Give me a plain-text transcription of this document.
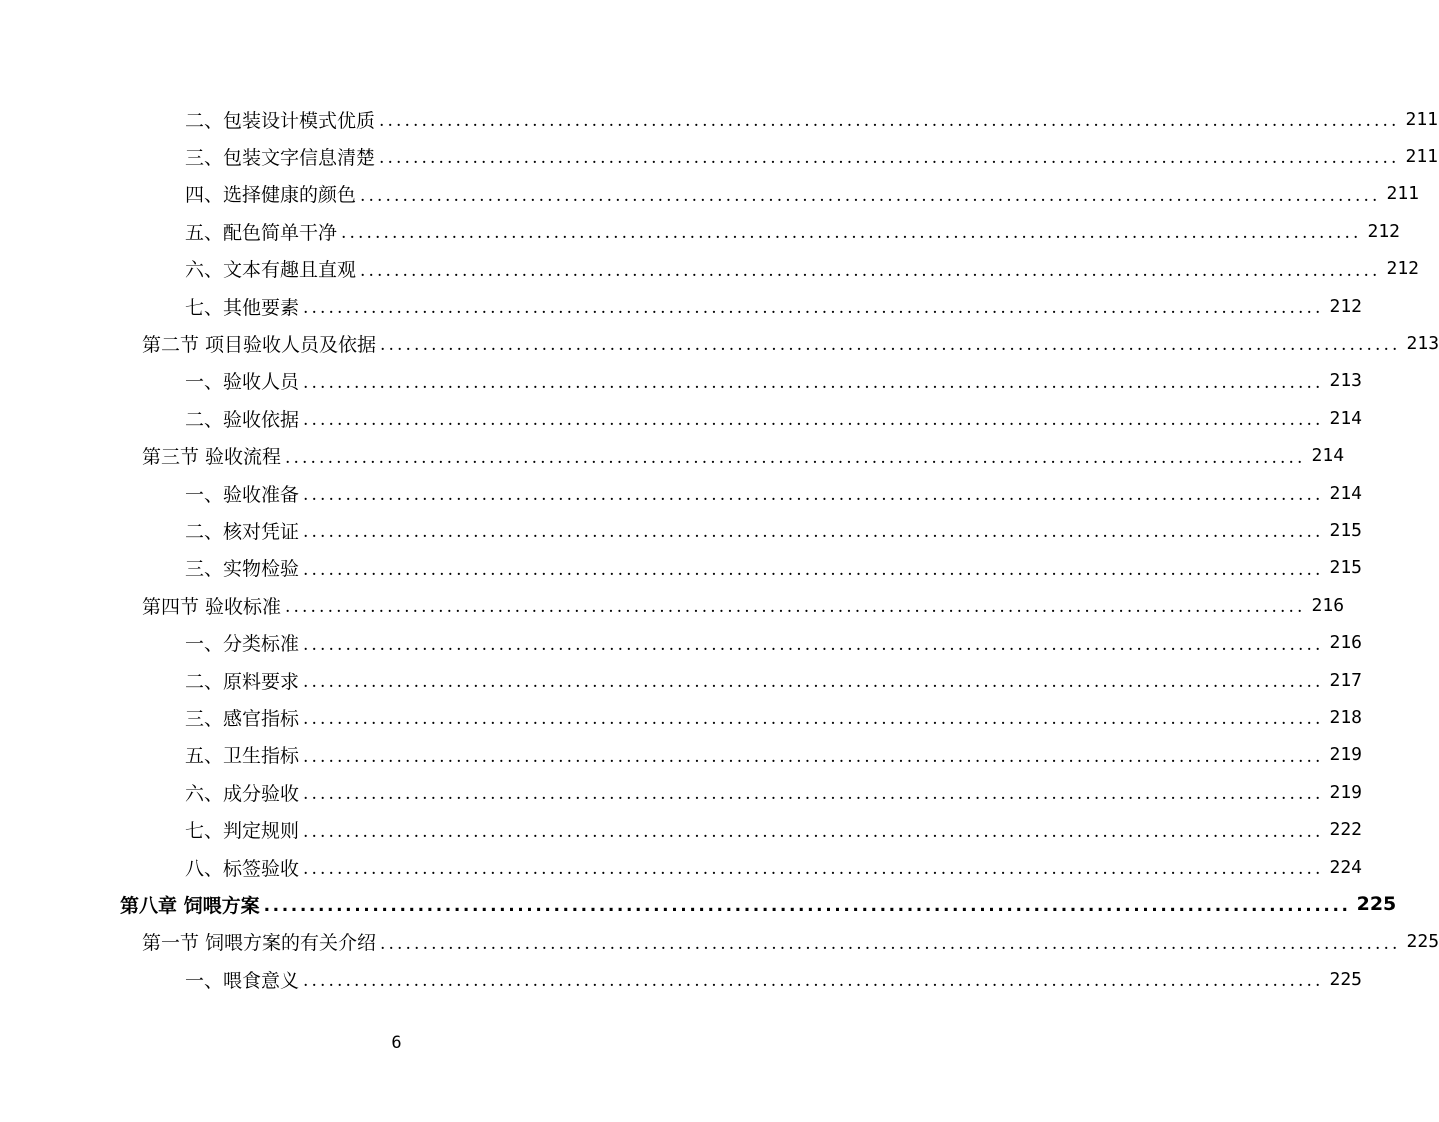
二、包装设计模式优质 ........................................................................................................................ 211
三、包装文字信息清楚 ........................................................................................................................ 211
四、选择健康的颜色 ........................................................................................................................ 211
五、配色简单干净 ........................................................................................................................ 212
六、文本有趣且直观 ........................................................................................................................ 212
七、其他要素 ........................................................................................................................ 212
第二节 项目验收人员及依据 ........................................................................................................................ 213
一、验收人员 ........................................................................................................................ 213
二、验收依据 ........................................................................................................................ 214
第三节 验收流程 ........................................................................................................................ 214
一、验收准备 ........................................................................................................................ 214
二、核对凭证 ........................................................................................................................ 215
三、实物检验 ........................................................................................................................ 215
第四节 验收标准 ........................................................................................................................ 216
一、分类标准 ........................................................................................................................ 216
二、原料要求 ........................................................................................................................ 217
三、感官指标 ........................................................................................................................ 218
五、卫生指标 ........................................................................................................................ 219
六、成分验收 ........................................................................................................................ 219
七、判定规则 ........................................................................................................................ 222
八、标签验收 ........................................................................................................................ 224
第八章 饲喂方案 ........................................................................................................................ 225
第一节 饲喂方案的有关介绍 ........................................................................................................................ 225
一、喂食意义 ........................................................................................................................ 225
6
